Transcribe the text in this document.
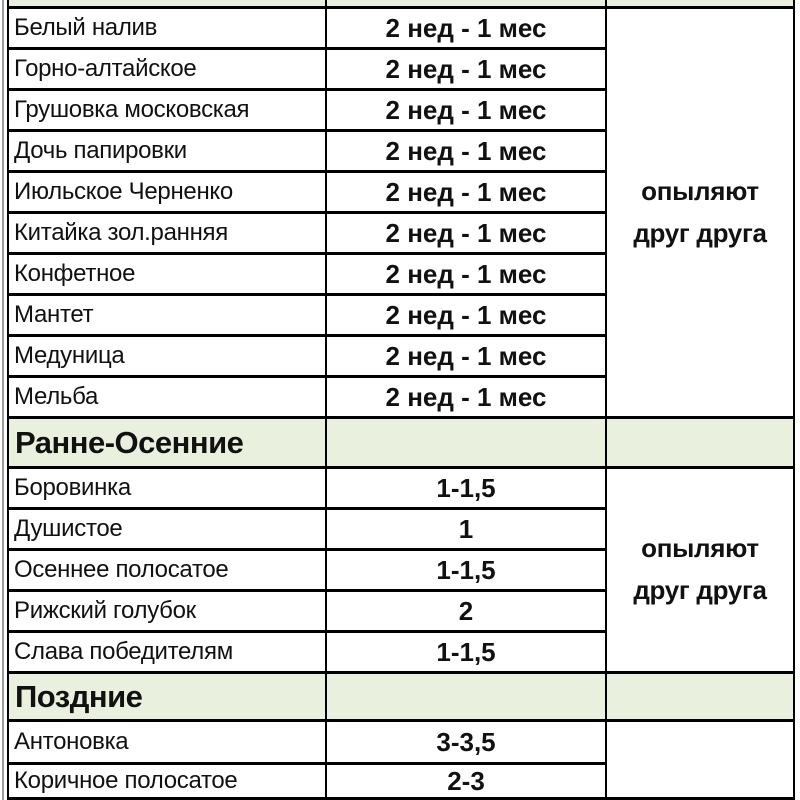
опыляют друг друга
Белый налив	2 нед - 1 мес
Горно-алтайское	2 нед - 1 мес
Грушовка московская	2 нед - 1 мес
Дочь папировки	2 нед - 1 мес
Июльское Черненко	2 нед - 1 мес
Китайка зол.ранняя	2 нед - 1 мес
Конфетное	2 нед - 1 мес
Мантет	2 нед - 1 мес
Медуница	2 нед - 1 мес
Мельба	2 нед - 1 мес
Ранне-Осенние
опыляют друг друга
Боровинка	1-1,5
Душистое	1
Осеннее полосатое	1-1,5
Рижский голубок	2
Слава победителям	1-1,5
Поздние
Антоновка	3-3,5
Коричное полосатое	2-3
